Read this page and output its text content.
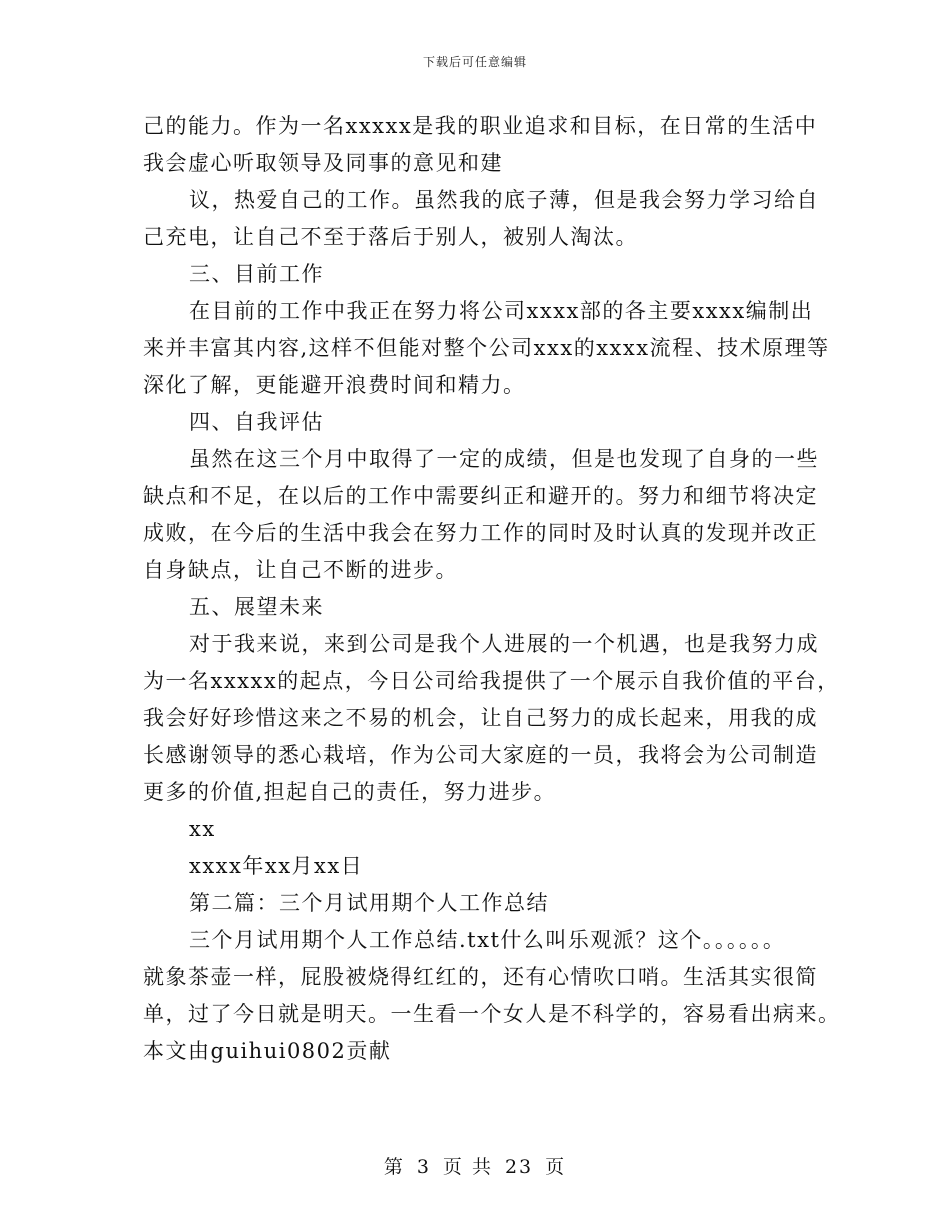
下载后可任意编辑
己的能力。作为一名xxxxx是我的职业追求和目标，在日常的生活中
我会虚心听取领导及同事的意见和建
议，热爱自己的工作。虽然我的底子薄，但是我会努力学习给自
己充电，让自己不至于落后于别人，被别人淘汰。
三、目前工作
在目前的工作中我正在努力将公司xxxx部的各主要xxxx编制出
来并丰富其内容,这样不但能对整个公司xxx的xxxx流程、技术原理等
深化了解，更能避开浪费时间和精力。
四、自我评估
虽然在这三个月中取得了一定的成绩，但是也发现了自身的一些
缺点和不足，在以后的工作中需要纠正和避开的。努力和细节将决定
成败，在今后的生活中我会在努力工作的同时及时认真的发现并改正
自身缺点，让自己不断的进步。
五、展望未来
对于我来说，来到公司是我个人进展的一个机遇，也是我努力成
为一名xxxxx的起点，今日公司给我提供了一个展示自我价值的平台，
我会好好珍惜这来之不易的机会，让自己努力的成长起来，用我的成
长感谢领导的悉心栽培，作为公司大家庭的一员，我将会为公司制造
更多的价值,担起自己的责任，努力进步。
xx
xxxx年xx月xx日
第二篇：三个月试用期个人工作总结
三个月试用期个人工作总结.txt什么叫乐观派？这个。。。。。。
就象茶壶一样，屁股被烧得红红的，还有心情吹口哨。生活其实很简
单，过了今日就是明天。一生看一个女人是不科学的，容易看出病来。
本文由guihui0802贡献
第 3 页 共 23 页
